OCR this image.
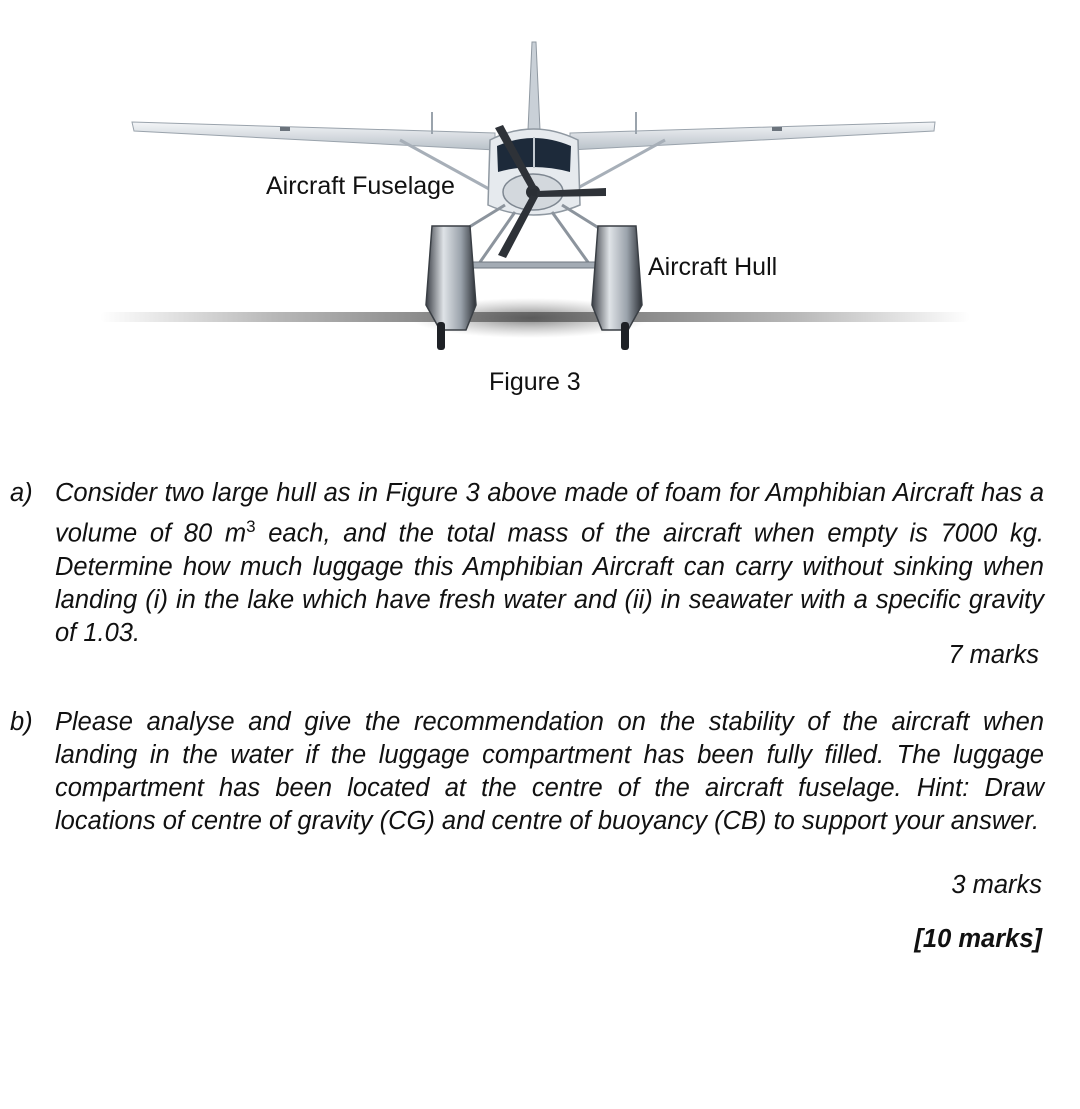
Aircraft Fuselage
Aircraft Hull
Figure 3
a) Consider two large hull as in Figure 3 above made of foam for Amphibian Aircraft has a volume of 80 $m^3$ each, and the total mass of the aircraft when empty is 7000 kg. Determine how much luggage this Amphibian Aircraft can carry without sinking when landing (i) in the lake which have fresh water and (ii) in seawater with a specific gravity of 1.03.
7 marks
b) Please analyse and give the recommendation on the stability of the aircraft when landing in the water if the luggage compartment has been fully filled. The luggage compartment has been located at the centre of the aircraft fuselage. Hint: Draw locations of centre of gravity (CG) and centre of buoyancy (CB) to support your answer.
3 marks
[10 marks]
